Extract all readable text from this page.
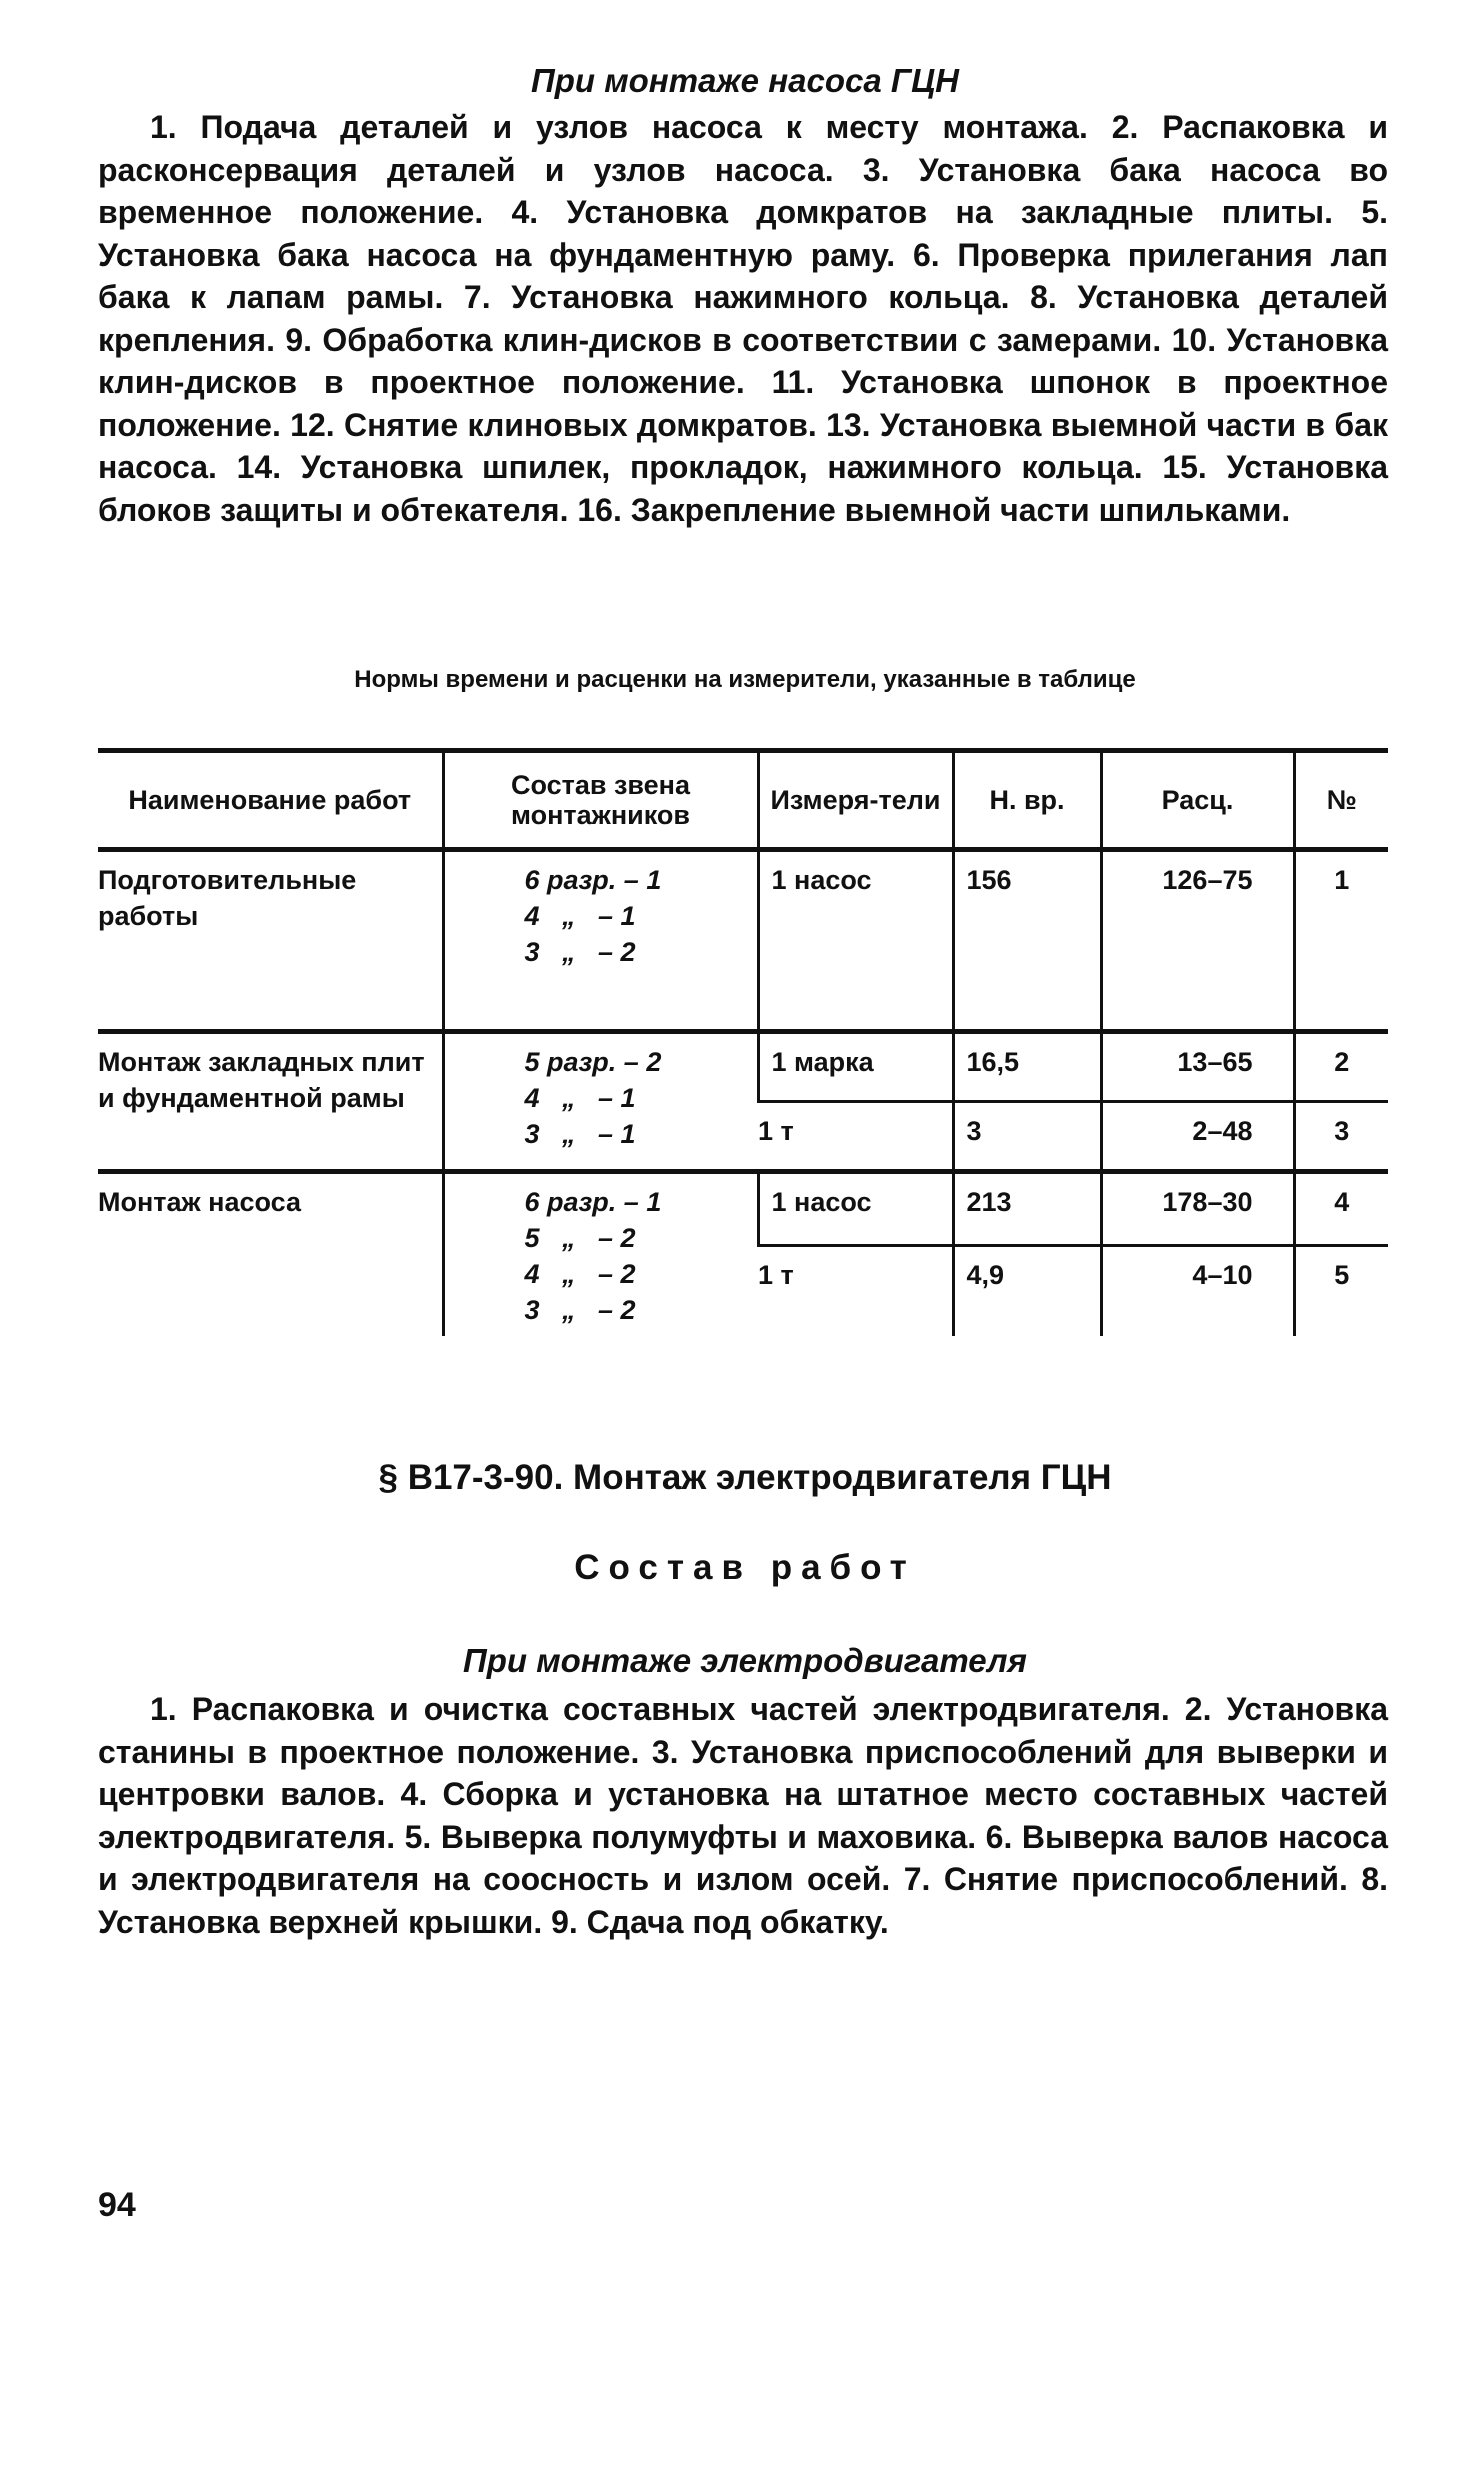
При монтаже насоса ГЦН
1. Подача деталей и узлов насоса к месту монтажа. 2. Распаковка и расконсервация деталей и узлов насоса. 3. Установка бака насоса во временное положение. 4. Установка домкратов на закладные плиты. 5. Установка бака насоса на фундаментную раму. 6. Проверка прилегания лап бака к лапам рамы. 7. Установка нажимного кольца. 8. Установка деталей крепления. 9. Обработка клин-дисков в соответствии с замерами. 10. Установка клин-дисков в проектное положение. 11. Установка шпонок в проектное положение. 12. Снятие клиновых домкратов. 13. Установка выемной части в бак насоса. 14. Установка шпилек, прокладок, нажимного кольца. 15. Установка блоков защиты и обтекателя. 16. Закрепление выемной части шпильками.
Нормы времени и расценки на измерители, указанные в таблице
Наименование работ	Состав звена монтажников	Измеря-тели	Н. вр.	Расц.	№
Подготовительные работы	6 разр. – 1
4   „   – 1
3   „   – 2	1 насос	156	126–75	1
Монтаж закладных плит и фундаментной рамы	5 разр. – 2
4   „   – 1
3   „   – 1	1 марка	16,5	13–65	2
		1 т	3	2–48	3
Монтаж насоса	6 разр. – 1
5   „   – 2
4   „   – 2
3   „   – 2	1 насос	213	178–30	4
		1 т	4,9	4–10	5
§ В17-3-90. Монтаж электродвигателя ГЦН
Состав работ
При монтаже электродвигателя
1. Распаковка и очистка составных частей электродвигателя. 2. Установка станины в проектное положение. 3. Установка приспособлений для выверки и центровки валов. 4. Сборка и установка на штатное место составных частей электродвигателя. 5. Выверка полумуфты и маховика. 6. Выверка валов насоса и электродвигателя на соосность и излом осей. 7. Снятие приспособлений. 8. Установка верхней крышки. 9. Сдача под обкатку.
94
